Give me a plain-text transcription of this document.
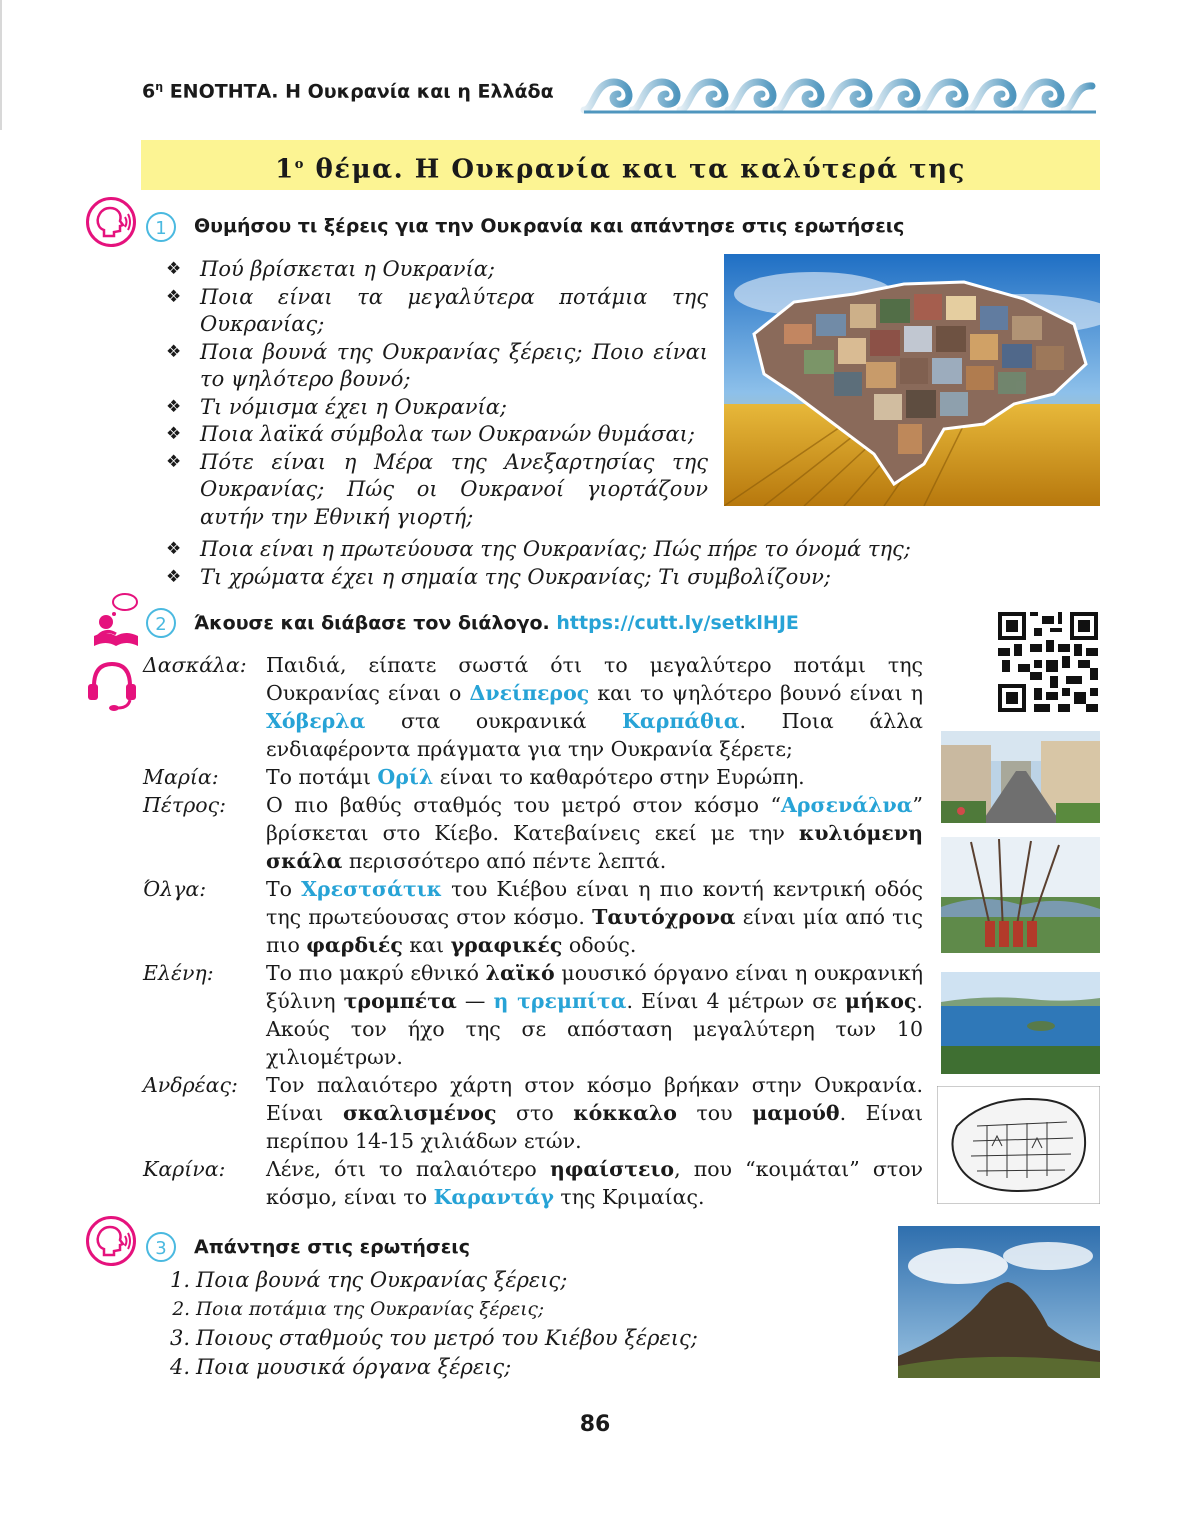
$6^\eta$ ΕΝΟΤΗΤΑ. Η Ουκρανία και η Ελλάδα
$1^o$ θέμα. Η Ουκρανία και τα καλύτερά της
1	Θυμήσου τι ξέρεις για την Ουκρανία και απάντησε στις ερωτήσεις
❖ Πού βρίσκεται η Ουκρανία;
❖ Ποια είναι τα μεγαλύτερα ποτάμια της Ουκρανίας;
❖ Ποια βουνά της Ουκρανίας ξέρεις; Ποιο είναι το ψηλότερο βουνό;
❖ Τι νόμισμα έχει η Ουκρανία;
❖ Ποια λαϊκά σύμβολα των Ουκρανών θυμάσαι;
❖ Πότε είναι η Μέρα της Ανεξαρτησίας της Ουκρανίας; Πώς οι Ουκρανοί γιορτάζουν αυτήν την Εθνική γιορτή;
❖ Ποια είναι η πρωτεύουσα της Ουκρανίας; Πώς πήρε το όνομά της;
❖ Τι χρώματα έχει η σημαία της Ουκρανίας; Τι συμβολίζουν;
2	Άκουσε και διάβασε τον διάλογο. https://cutt.ly/setklHJE
Δασκάλα: Παιδιά, είπατε σωστά ότι το μεγαλύτερο ποτάμι της Ουκρανίας είναι ο Δνείπερος και το ψηλότερο βουνό είναι η Χόβερλα στα ουκρανικά Καρπάθια. Ποια άλλα ενδιαφέροντα πράγματα για την Ουκρανία ξέρετε;
Μαρία:	Το ποτάμι Ορίλ είναι το καθαρότερο στην Ευρώπη.
Πέτρος:	Ο πιο βαθύς σταθμός του μετρό στον κόσμο “Αρσενάλνα” βρίσκεται στο Κίεβο. Κατεβαίνεις εκεί με την κυλιόμενη σκάλα περισσότερο από πέντε λεπτά.
Όλγα:	Το Χρεστσάτικ του Κιέβου είναι η πιο κοντή κεντρική οδός της πρωτεύουσας στον κόσμο. Ταυτόχρονα είναι μία από τις πιο φαρδιές και γραφικές οδούς.
Ελένη:	Το πιο μακρύ εθνικό λαϊκό μουσικό όργανο είναι η ουκρανική ξύλινη τρομπέτα — η τρεμπίτα. Είναι 4 μέτρων σε μήκος. Ακούς τον ήχο της σε απόσταση μεγαλύτερη των 10 χιλιομέτρων.
Ανδρέας:	Τον παλαιότερο χάρτη στον κόσμο βρήκαν στην Ουκρανία. Είναι σκαλισμένος στο κόκκαλο του μαμούθ. Είναι περίπου 14-15 χιλιάδων ετών.
Καρίνα:	Λένε, ότι το παλαιότερο ηφαίστειο, που “κοιμάται” στον κόσμο, είναι το Καραντάγ της Κριμαίας.
3	Απάντησε στις ερωτήσεις
1. Ποια βουνά της Ουκρανίας ξέρεις;
2. Ποια ποτάμια της Ουκρανίας ξέρεις;
3. Ποιους σταθμούς του μετρό του Κιέβου ξέρεις;
4. Ποια μουσικά όργανα ξέρεις;
86
